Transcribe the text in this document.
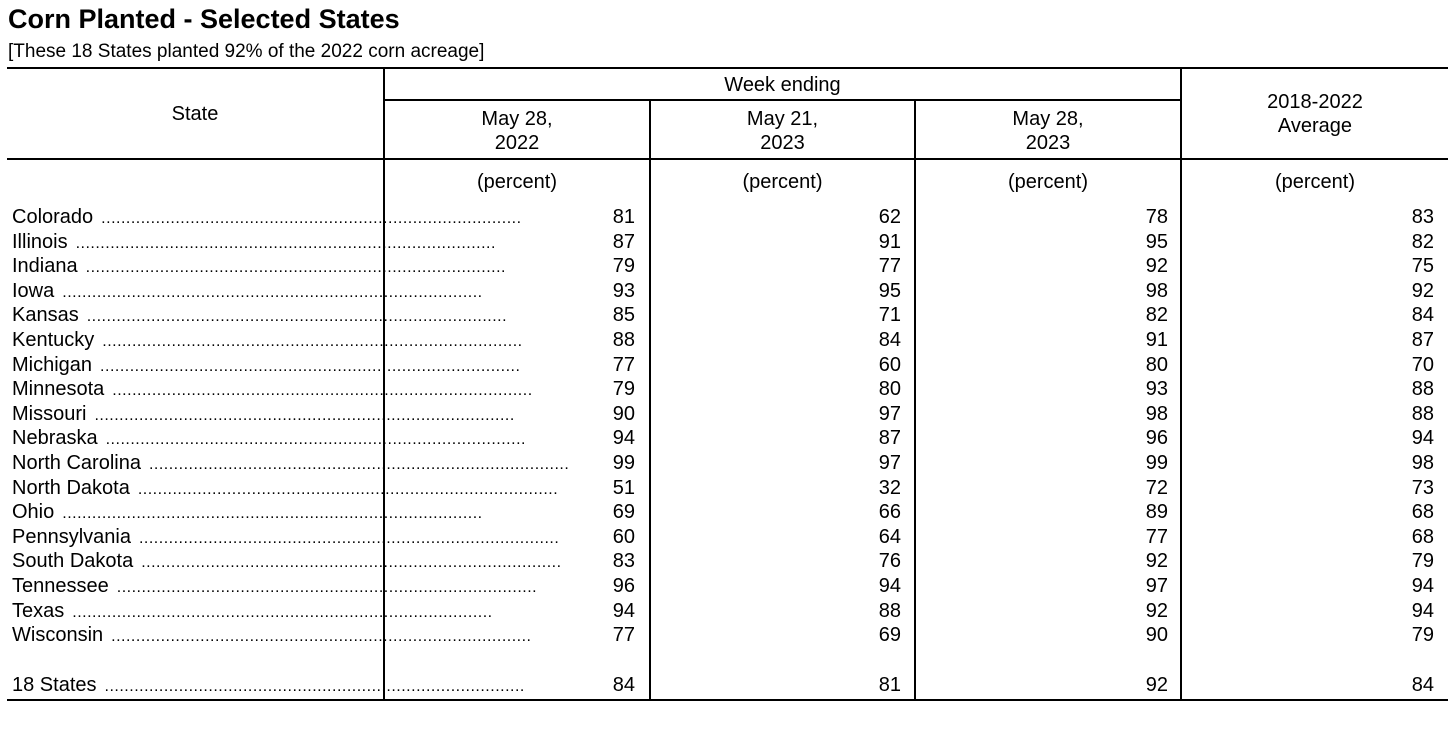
Corn Planted - Selected States
[These 18 States planted 92% of the 2022 corn acreage]
State
Week ending
May 28,
2022
May 21,
2023
May 28,
2023
2018-2022
Average
(percent)	(percent)	(percent)	(percent)
Colorado .....................................................................................	81	62	78	83
Illinois .....................................................................................	87	91	95	82
Indiana .....................................................................................	79	77	92	75
Iowa .....................................................................................	93	95	98	92
Kansas .....................................................................................	85	71	82	84
Kentucky .....................................................................................	88	84	91	87
Michigan .....................................................................................	77	60	80	70
Minnesota .....................................................................................	79	80	93	88
Missouri .....................................................................................	90	97	98	88
Nebraska .....................................................................................	94	87	96	94
North Carolina .....................................................................................	99	97	99	98
North Dakota .....................................................................................	51	32	72	73
Ohio .....................................................................................	69	66	89	68
Pennsylvania .....................................................................................	60	64	77	68
South Dakota .....................................................................................	83	76	92	79
Tennessee .....................................................................................	96	94	97	94
Texas .....................................................................................	94	88	92	94
Wisconsin .....................................................................................	77	69	90	79
18 States .....................................................................................	84	81	92	84
